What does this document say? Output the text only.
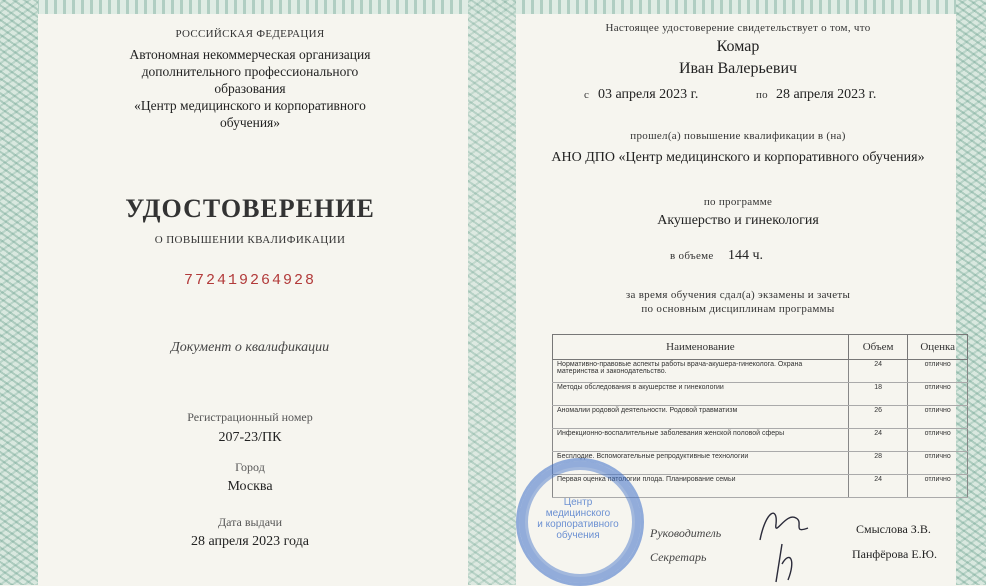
РОССИЙСКАЯ ФЕДЕРАЦИЯ
Автономная некоммерческая организация
дополнительного профессионального
образования
«Центр медицинского и корпоративного
обучения»
УДОСТОВЕРЕНИЕ
О ПОВЫШЕНИИ КВАЛИФИКАЦИИ
772419264928
Документ о квалификации
Регистрационный номер
207-23/ПК
Город
Москва
Дата выдачи
28 апреля 2023 года
Настоящее удостоверение свидетельствует о том, что
Комар
Иван Валерьевич
с 03 апреля 2023 г.	по 28 апреля 2023 г.
прошел(а) повышение квалификации в (на)
АНО ДПО «Центр медицинского и корпоративного обучения»
по программе
Акушерство и гинекология
в объеме 144 ч.
за время обучения сдал(а) экзамены и зачеты
по основным дисциплинам программы
Наименование	Объем	Оценка
Нормативно-правовые аспекты работы врача-акушера-гинеколога. Охрана материнства и законодательство.	24	отлично
Методы обследования в акушерстве и гинекологии	18	отлично
Аномалии родовой деятельности. Родовой травматизм	26	отлично
Инфекционно-воспалительные заболевания женской половой сферы	24	отлично
Бесплодие. Вспомогательные репродуктивные технологии	28	отлично
Первая оценка патологии плода. Планирование семьи	24	отлично
Центр
медицинского
и корпоративного
обучения	Руководитель
Секретарь
Смыслова З.В.
Панфёрова Е.Ю.
